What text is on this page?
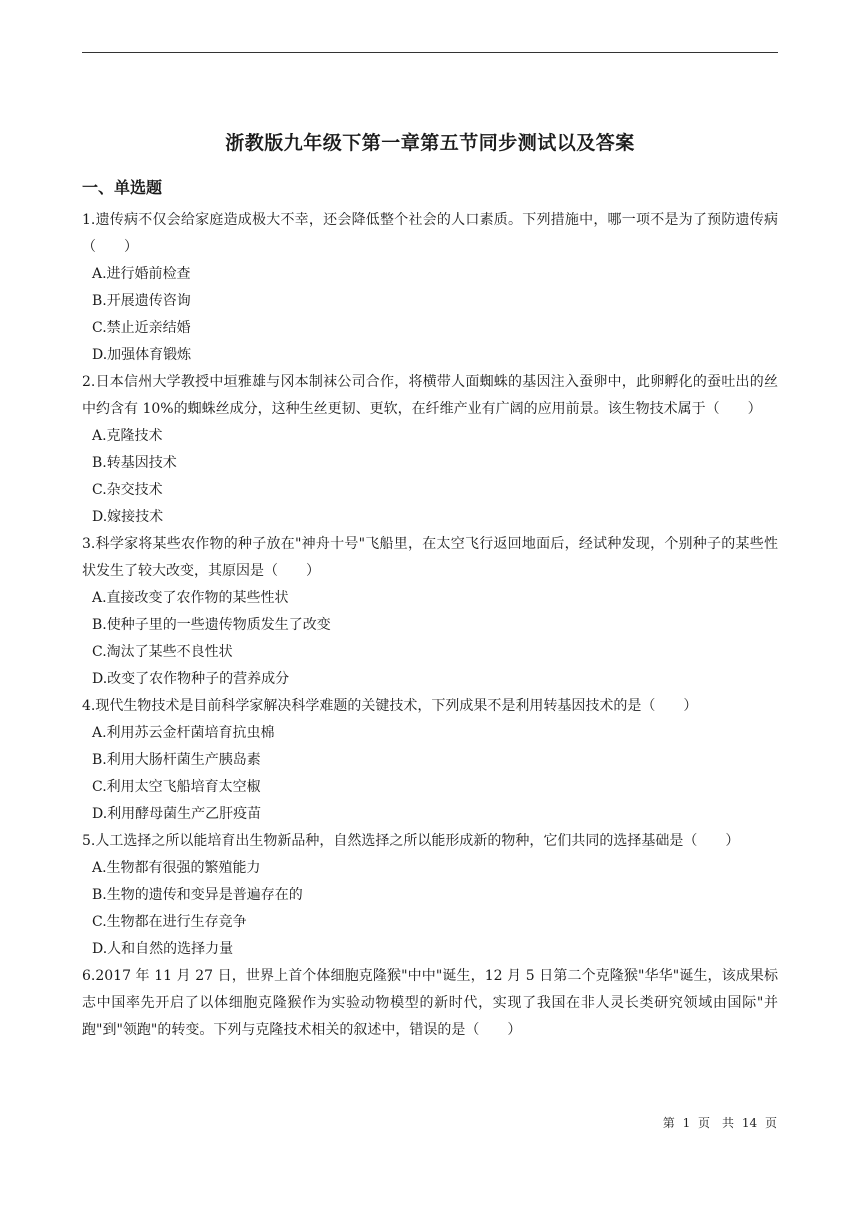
浙教版九年级下第一章第五节同步测试以及答案
一、单选题

1.遗传病不仅会给家庭造成极大不幸，还会降低整个社会的人口素质。下列措施中，哪一项不是为了预防遗传病（　　）

A.进行婚前检查
B.开展遗传咨询
C.禁止近亲结婚
D.加强体育锻炼

2.日本信州大学教授中垣雅雄与冈本制袜公司合作，将横带人面蜘蛛的基因注入蚕卵中，此卵孵化的蚕吐出的丝中约含有 10%的蜘蛛丝成分，这种生丝更韧、更软，在纤维产业有广阔的应用前景。该生物技术属于（　　）

A.克隆技术
B.转基因技术
C.杂交技术
D.嫁接技术

3.科学家将某些农作物的种子放在"神舟十号"飞船里，在太空飞行返回地面后，经试种发现，个别种子的某些性状发生了较大改变，其原因是（　　）

A.直接改变了农作物的某些性状
B.使种子里的一些遗传物质发生了改变
C.淘汰了某些不良性状
D.改变了农作物种子的营养成分

4.现代生物技术是目前科学家解决科学难题的关键技术，下列成果不是利用转基因技术的是（　　）

A.利用苏云金杆菌培育抗虫棉
B.利用大肠杆菌生产胰岛素
C.利用太空飞船培育太空椒
D.利用酵母菌生产乙肝疫苗

5.人工选择之所以能培育出生物新品种，自然选择之所以能形成新的物种，它们共同的选择基础是（　　）

A.生物都有很强的繁殖能力
B.生物的遗传和变异是普遍存在的
C.生物都在进行生存竞争
D.人和自然的选择力量

6.2017 年 11 月 27 日，世界上首个体细胞克隆猴"中中"诞生，12 月 5 日第二个克隆猴"华华"诞生，该成果标志中国率先开启了以体细胞克隆猴作为实验动物模型的新时代，实现了我国在非人灵长类研究领域由国际"并跑"到"领跑"的转变。下列与克隆技术相关的叙述中，错误的是（　　）

第 1 页　共 14 页
